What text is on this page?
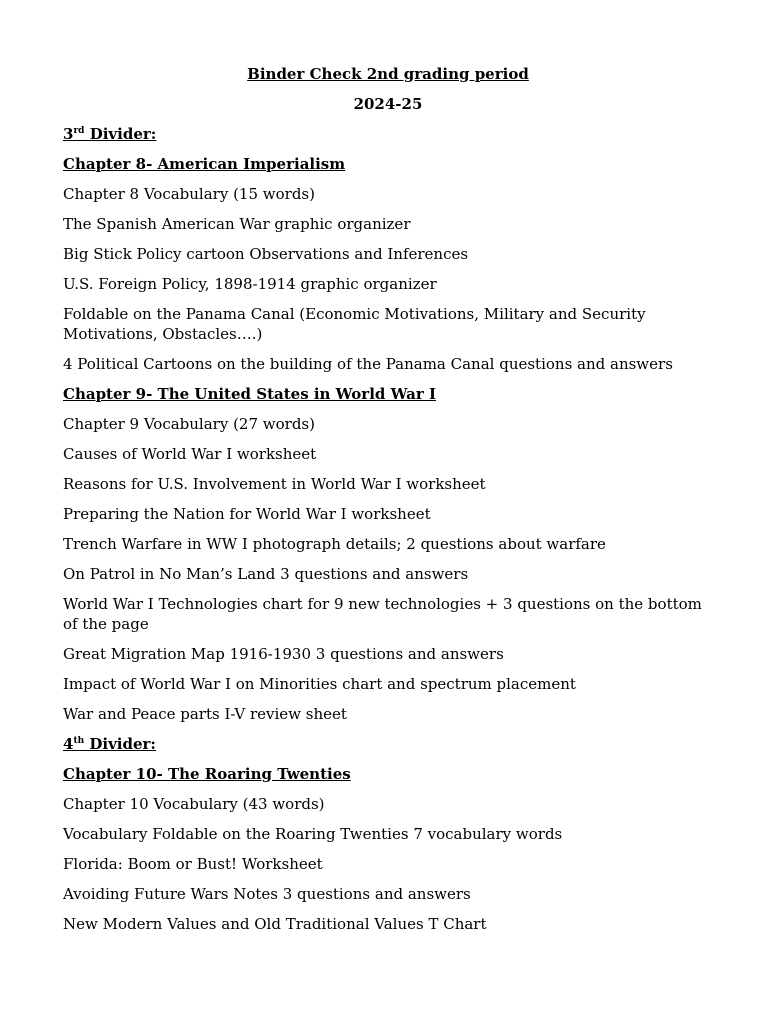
Binder Check 2nd grading period
2024-25
3rd Divider:
Chapter 8- American Imperialism
Chapter 8 Vocabulary (15 words)
The Spanish American War graphic organizer
Big Stick Policy cartoon Observations and Inferences
U.S. Foreign Policy, 1898-1914 graphic organizer
Foldable on the Panama Canal (Economic Motivations, Military and Security Motivations, Obstacles….)
4 Political Cartoons on the building of the Panama Canal questions and answers
Chapter 9- The United States in World War I
Chapter 9 Vocabulary (27 words)
Causes of World War I worksheet
Reasons for U.S. Involvement in World War I worksheet
Preparing the Nation for World War I worksheet
Trench Warfare in WW I photograph details; 2 questions about warfare
On Patrol in No Man’s Land 3 questions and answers
World War I Technologies chart for 9 new technologies + 3 questions on the bottom of the page
Great Migration Map 1916-1930 3 questions and answers
Impact of World War I on Minorities chart and spectrum placement
War and Peace parts I-V review sheet
4th Divider:
Chapter 10- The Roaring Twenties
Chapter 10 Vocabulary (43 words)
Vocabulary Foldable on the Roaring Twenties 7 vocabulary words
Florida: Boom or Bust! Worksheet
Avoiding Future Wars Notes 3 questions and answers
New Modern Values and Old Traditional Values T Chart
